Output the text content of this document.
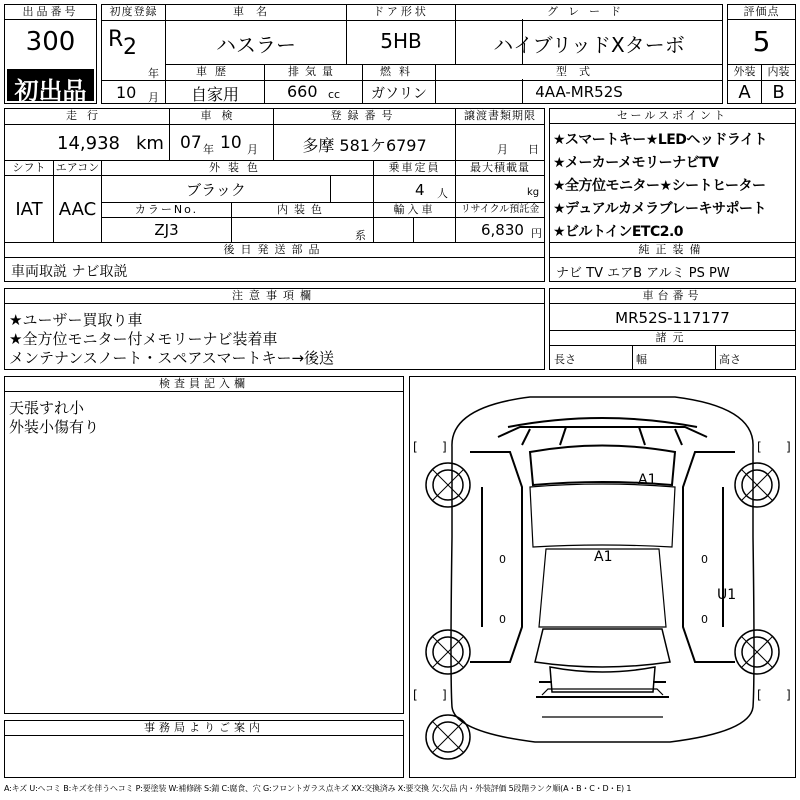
出品番号
300
初出品
初度登録
R 2
年
10 月
車名
ハスラー
ドア形状
5HB
グレード
ハイブリッドXターボ
車歴
自家用
排気量
660 cc
燃料
ガソリン
型式
4AA-MR52S
評価点
5
外装	内装
A	B
走行
14,938 km
車検
07 年 10 月
登録番号
多摩 581ケ6797
譲渡書類期限
月 日
シフト
IAT
エアコン
AAC
外装色
ブラック
乗車定員
4 人
最大積載量
kg
カラーNo.
ZJ3
内装色
系
輸入車	リサイクル預託金
6,830 円
後日発送部品
車両取説 ナビ取説
セールスポイント
★スマートキー★LEDヘッドライト
★メーカーメモリーナビTV
★全方位モニター★シートヒーター
★デュアルカメラブレーキサポート
★ビルトインETC2.0
純正装備
ナビ TV エアB アルミ PS PW
注意事項欄
★ユーザー買取り車
★全方位モニター付メモリーナビ装着車
メンテナンスノート・スペアスマートキー→後送
車台番号
MR52S-117177
諸元
長さ	幅	高さ
検査員記入欄
天張すれ小
外装小傷有り
事務局よりご案内
[ ]	[ ]
[ ]	[ ]
A1
A1
U1
0
0
0
0
A:キズ U:ヘコミ B:キズを伴うヘコミ P:要塗装 W:補修跡 S:錆 C:腐食、穴 G:フロントガラス点キズ XX:交換済み X:要交換 欠:欠品 内・外装評価 5段階ランク順(A・B・C・D・E) 1
